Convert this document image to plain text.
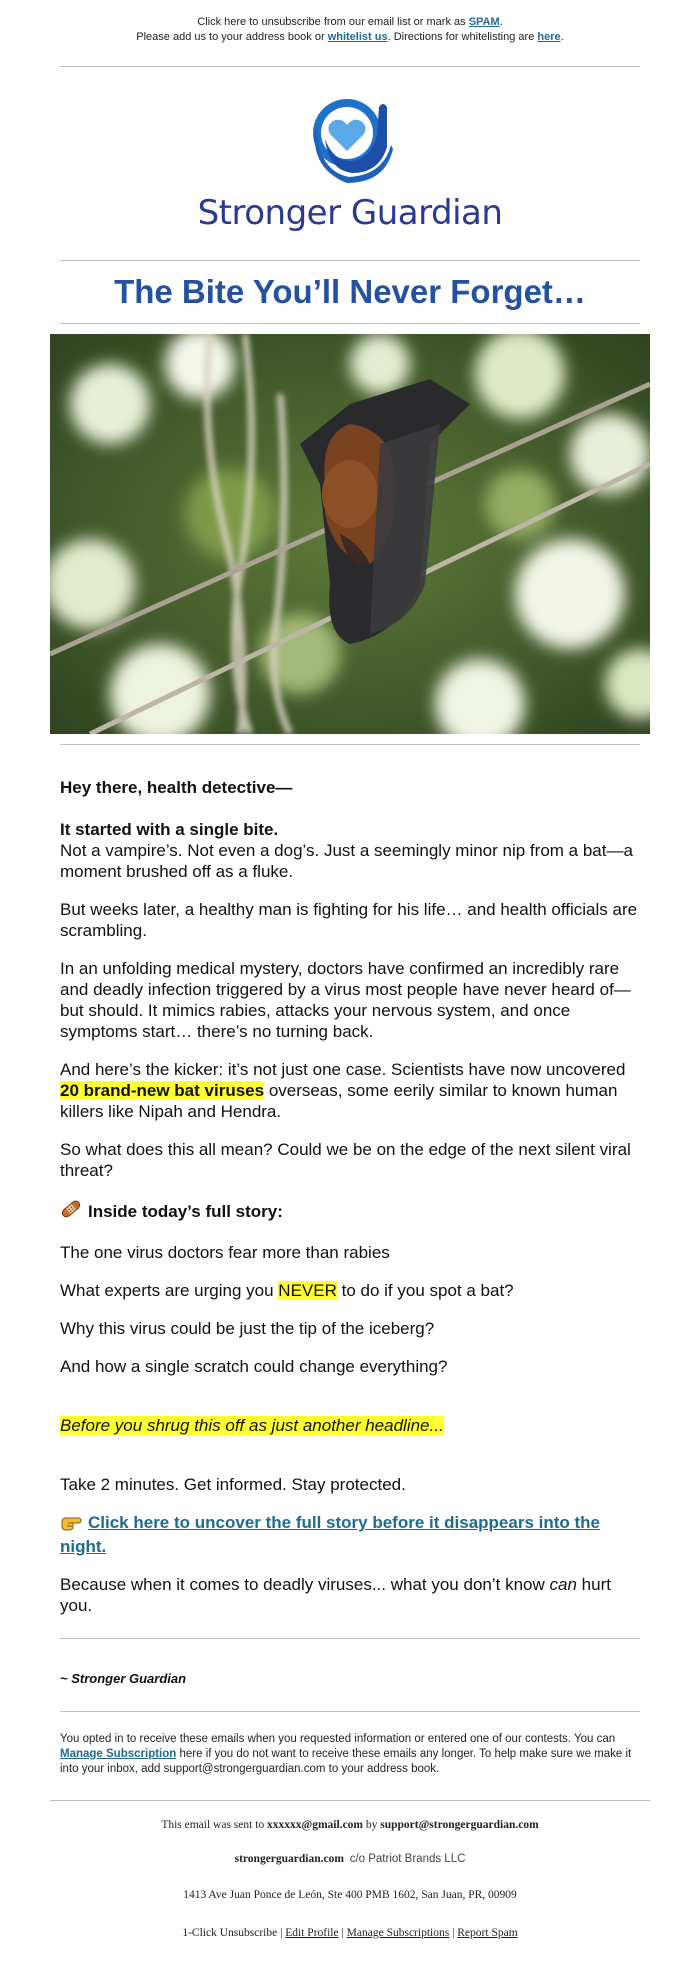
Click here to unsubscribe from our email list or mark as SPAM.
Please add us to your address book or whitelist us. Directions for whitelisting are here.
Stronger Guardian
The Bite You’ll Never Forget…

Hey there, health detective—

It started with a single bite.
Not a vampire’s. Not even a dog’s. Just a seemingly minor nip from a bat—a moment brushed off as a fluke.

But weeks later, a healthy man is fighting for his life… and health officials are scrambling.

In an unfolding medical mystery, doctors have confirmed an incredibly rare and deadly infection triggered by a virus most people have never heard of—but should. It mimics rabies, attacks your nervous system, and once symptoms start… there’s no turning back.

And here’s the kicker: it’s not just one case. Scientists have now uncovered 20 brand-new bat viruses overseas, some eerily similar to known human killers like Nipah and Hendra.

So what does this all mean? Could we be on the edge of the next silent viral threat?

Inside today’s full story:

The one virus doctors fear more than rabies

What experts are urging you NEVER to do if you spot a bat?

Why this virus could be just the tip of the iceberg?

And how a single scratch could change everything?

Before you shrug this off as just another headline...

Take 2 minutes. Get informed. Stay protected.

Click here to uncover the full story before it disappears into the night.

Because when it comes to deadly viruses... what you don’t know can hurt you.

~ Stronger Guardian
You opted in to receive these emails when you requested information or entered one of our contests. You can Manage Subscription here if you do not want to receive these emails any longer. To help make sure we make it into your inbox, add support@strongerguardian.com to your address book.
This email was sent to xxxxxx@gmail.com by support@strongerguardian.com
strongerguardian.com c/o Patriot Brands LLC
1413 Ave Juan Ponce de León, Ste 400 PMB 1602, San Juan, PR, 00909
1-Click Unsubscribe | Edit Profile | Manage Subscriptions | Report Spam
